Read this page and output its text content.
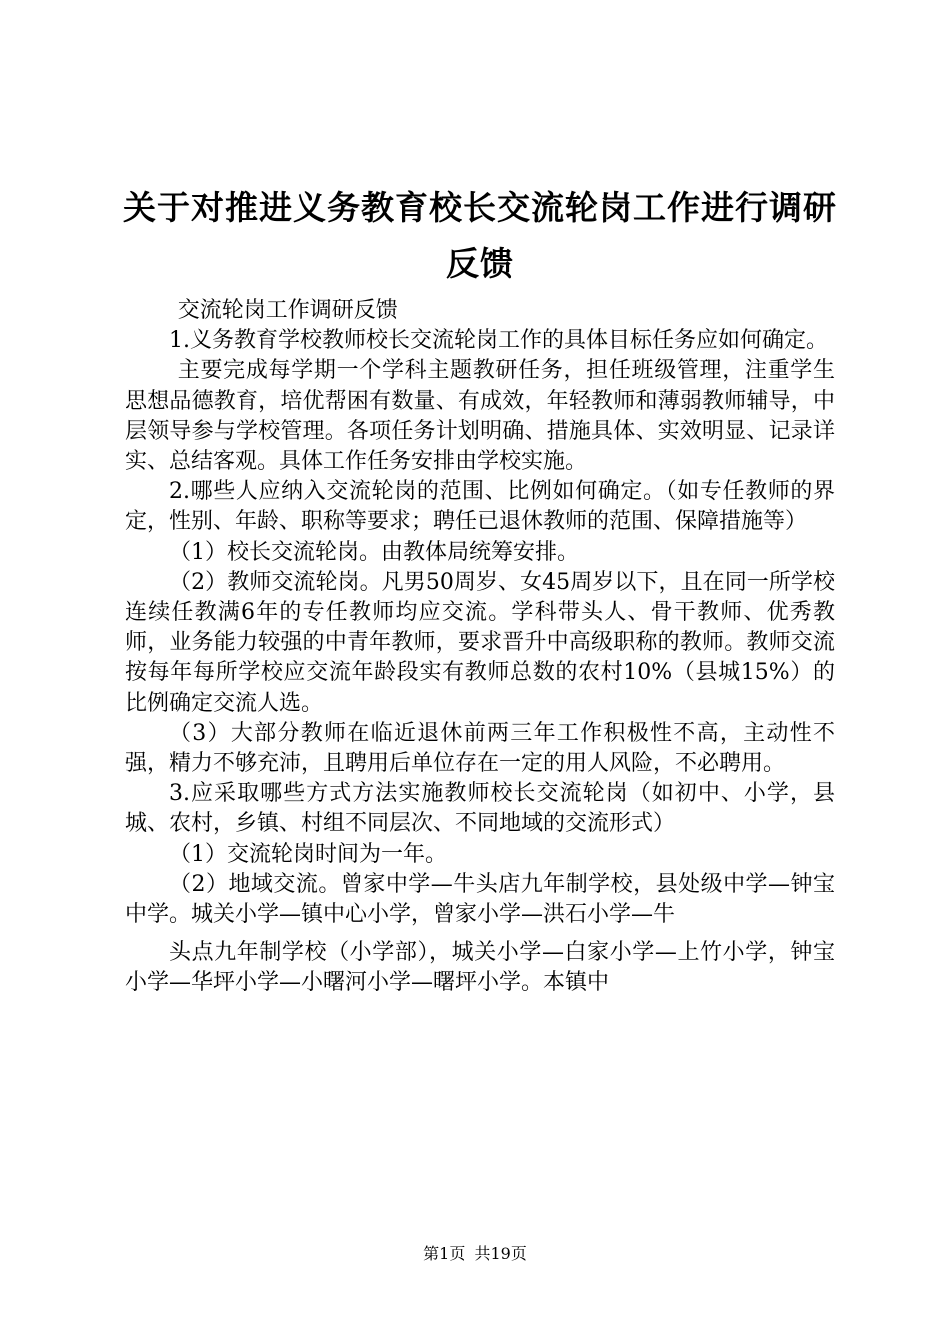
关于对推进义务教育校长交流轮岗工作进行调研反馈

交流轮岗工作调研反馈

1.义务教育学校教师校长交流轮岗工作的具体目标任务应如何确定。

主要完成每学期一个学科主题教研任务，担任班级管理，注重学生思想品德教育，培优帮困有数量、有成效，年轻教师和薄弱教师辅导，中层领导参与学校管理。各项任务计划明确、措施具体、实效明显、记录详实、总结客观。具体工作任务安排由学校实施。

2.哪些人应纳入交流轮岗的范围、比例如何确定。（如专任教师的界定，性别、年龄、职称等要求；聘任已退休教师的范围、保障措施等）

（1）校长交流轮岗。由教体局统筹安排。

（2）教师交流轮岗。凡男50周岁、女45周岁以下，且在同一所学校连续任教满6年的专任教师均应交流。学科带头人、骨干教师、优秀教师，业务能力较强的中青年教师，要求晋升中高级职称的教师。教师交流按每年每所学校应交流年龄段实有教师总数的农村10%（县城15%）的比例确定交流人选。

（3）大部分教师在临近退休前两三年工作积极性不高，主动性不强，精力不够充沛，且聘用后单位存在一定的用人风险，不必聘用。

3.应采取哪些方式方法实施教师校长交流轮岗（如初中、小学，县城、农村，乡镇、村组不同层次、不同地域的交流形式）

（1）交流轮岗时间为一年。

（2）地域交流。曾家中学—牛头店九年制学校，县处级中学—钟宝中学。城关小学—镇中心小学，曾家小学—洪石小学—牛

头点九年制学校（小学部），城关小学—白家小学—上竹小学，钟宝小学—华坪小学—小曙河小学—曙坪小学。本镇中

第1页 共19页
